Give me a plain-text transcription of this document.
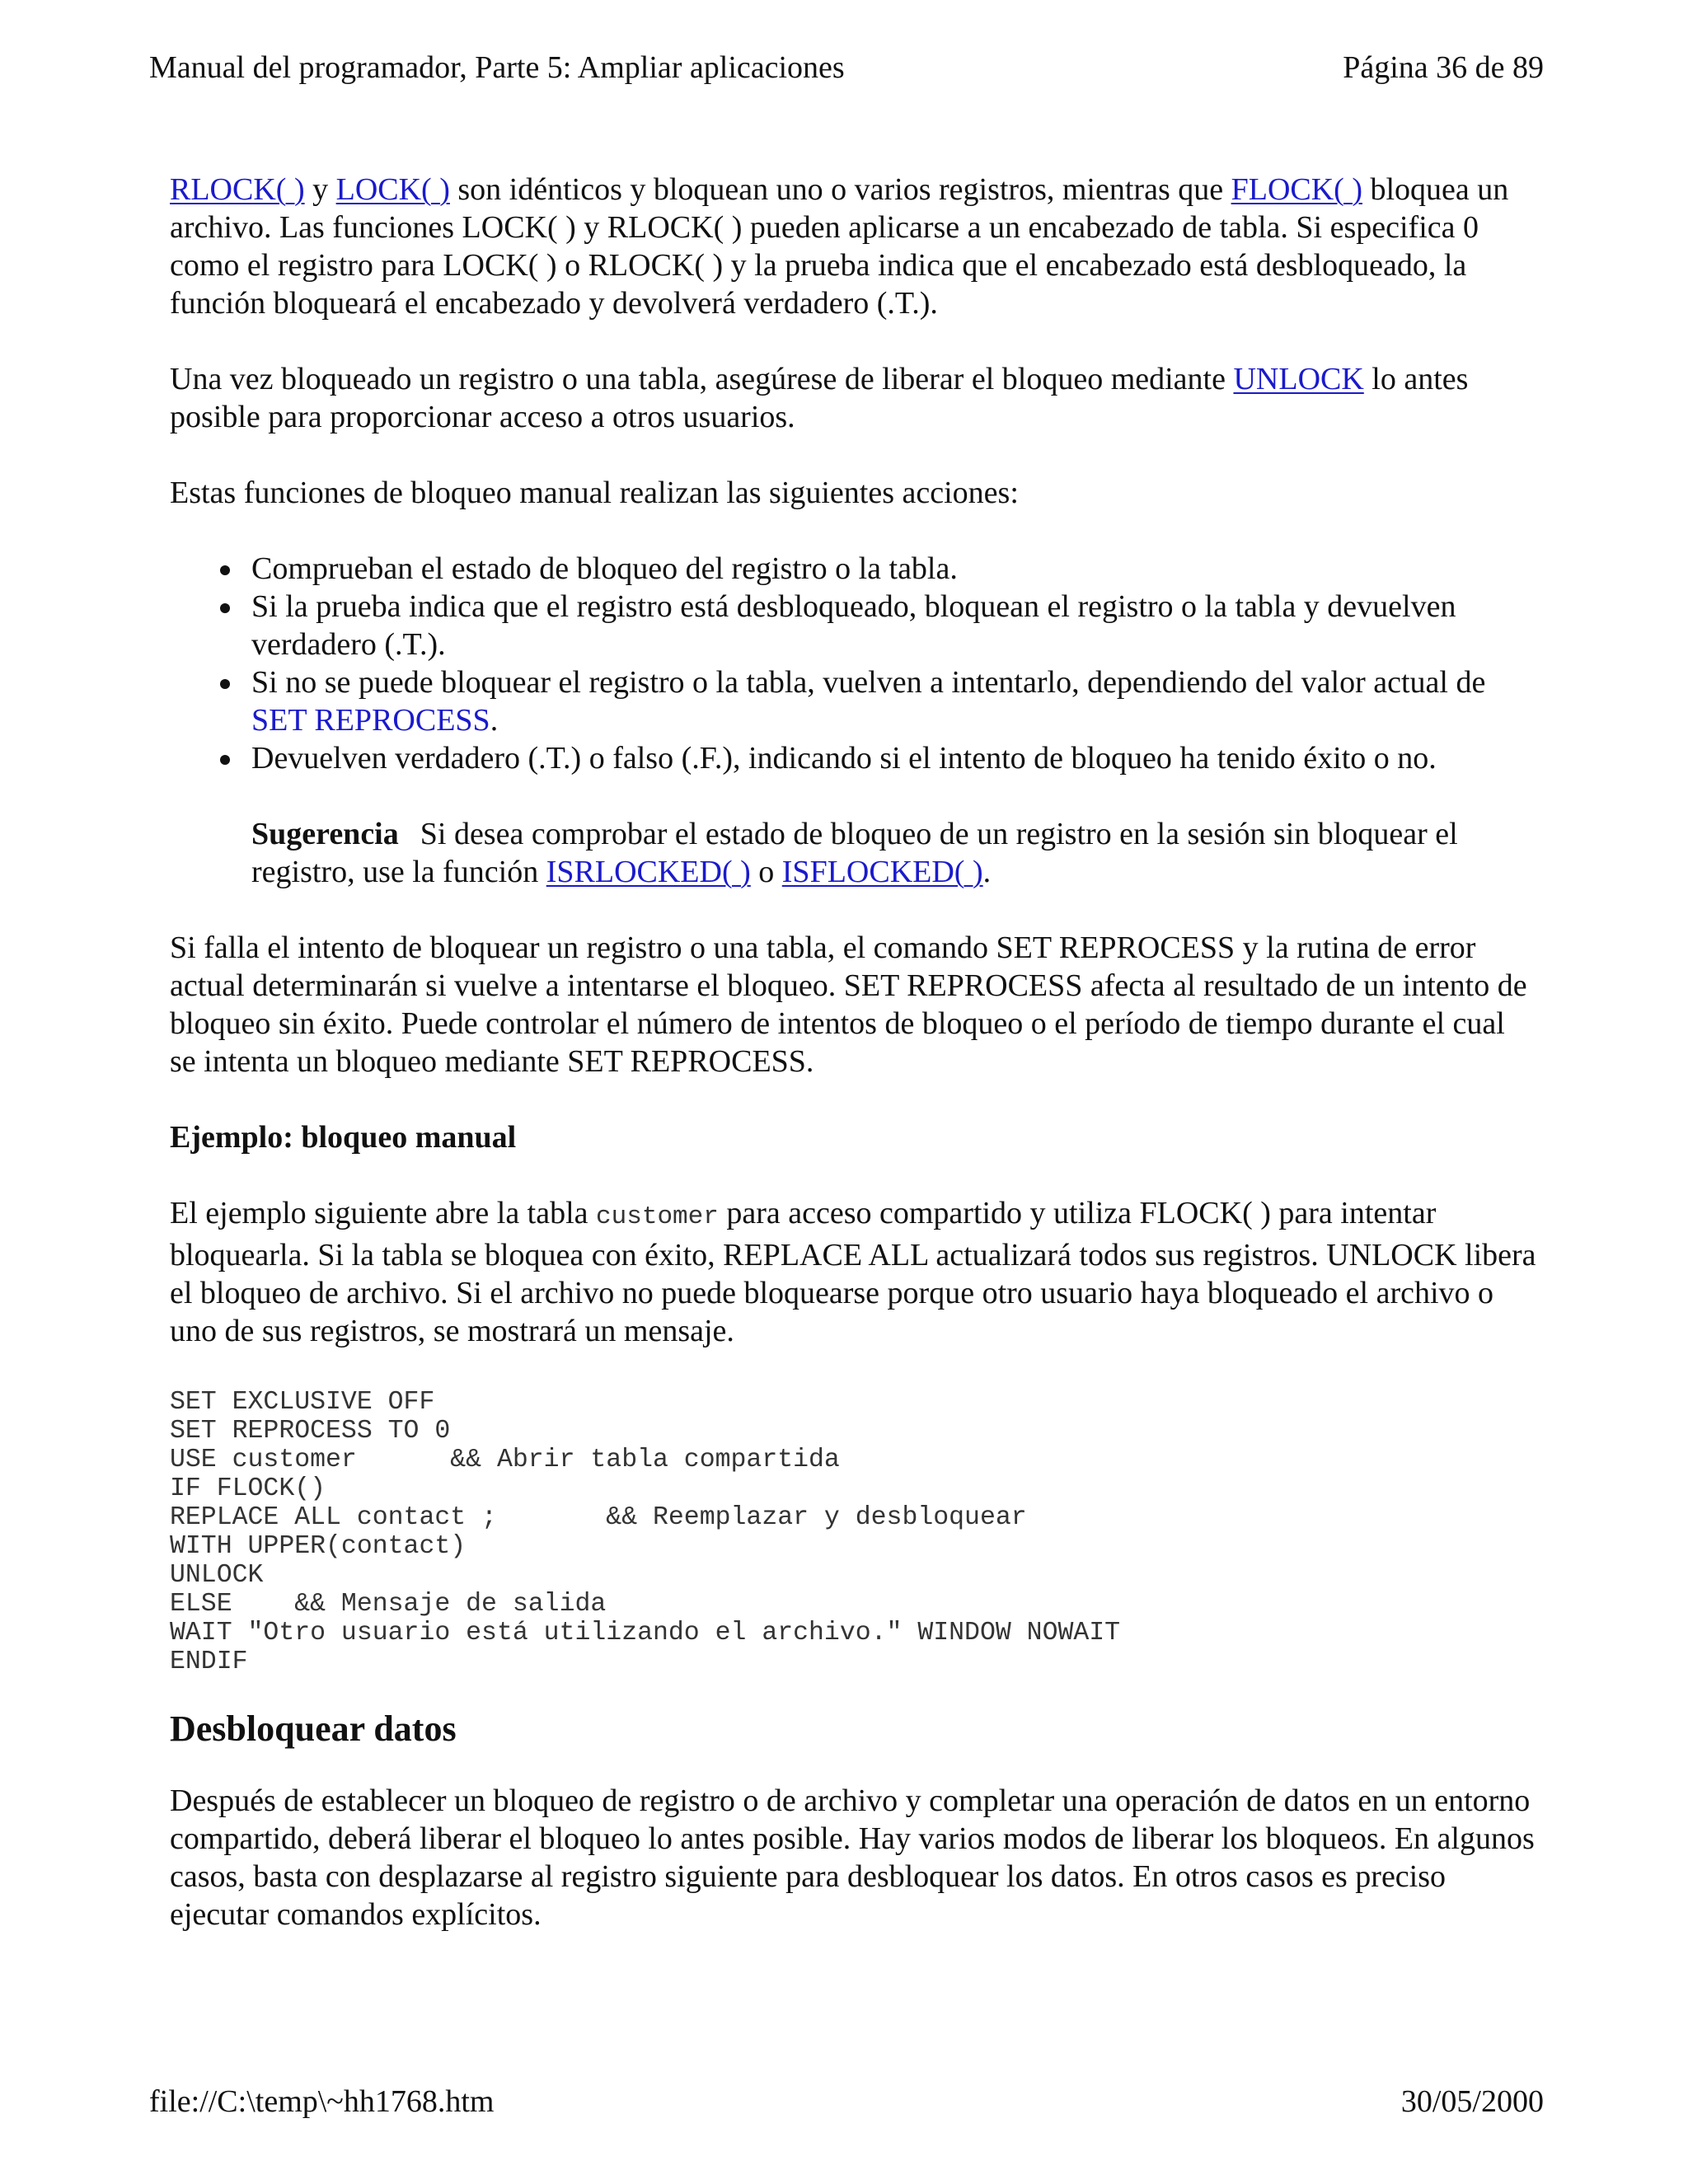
Manual del programador, Parte 5: Ampliar aplicaciones	Página 36 de 89

RLOCK( ) y LOCK( ) son idénticos y bloquean uno o varios registros, mientras que FLOCK( ) bloquea un archivo. Las funciones LOCK( ) y RLOCK( ) pueden aplicarse a un encabezado de tabla. Si especifica 0 como el registro para LOCK( ) o RLOCK( ) y la prueba indica que el encabezado está desbloqueado, la función bloqueará el encabezado y devolverá verdadero (.T.).

Una vez bloqueado un registro o una tabla, asegúrese de liberar el bloqueo mediante UNLOCK lo antes posible para proporcionar acceso a otros usuarios.

Estas funciones de bloqueo manual realizan las siguientes acciones:

Comprueban el estado de bloqueo del registro o la tabla.
Si la prueba indica que el registro está desbloqueado, bloquean el registro o la tabla y devuelven verdadero (.T.).
Si no se puede bloquear el registro o la tabla, vuelven a intentarlo, dependiendo del valor actual de SET REPROCESS.
Devuelven verdadero (.T.) o falso (.F.), indicando si el intento de bloqueo ha tenido éxito o no.
Sugerencia Si desea comprobar el estado de bloqueo de un registro en la sesión sin bloquear el registro, use la función ISRLOCKED( ) o ISFLOCKED( ).

Si falla el intento de bloquear un registro o una tabla, el comando SET REPROCESS y la rutina de error actual determinarán si vuelve a intentarse el bloqueo. SET REPROCESS afecta al resultado de un intento de bloqueo sin éxito. Puede controlar el número de intentos de bloqueo o el período de tiempo durante el cual se intenta un bloqueo mediante SET REPROCESS.

Ejemplo: bloqueo manual

El ejemplo siguiente abre la tabla customer para acceso compartido y utiliza FLOCK( ) para intentar bloquearla. Si la tabla se bloquea con éxito, REPLACE ALL actualizará todos sus registros. UNLOCK libera el bloqueo de archivo. Si el archivo no puede bloquearse porque otro usuario haya bloqueado el archivo o uno de sus registros, se mostrará un mensaje.

SET EXCLUSIVE OFF
SET REPROCESS TO 0
USE customer      && Abrir tabla compartida
IF FLOCK()
REPLACE ALL contact ;       && Reemplazar y desbloquear
WITH UPPER(contact)
UNLOCK
ELSE    && Mensaje de salida
WAIT "Otro usuario está utilizando el archivo." WINDOW NOWAIT
ENDIF
Desbloquear datos

Después de establecer un bloqueo de registro o de archivo y completar una operación de datos en un entorno compartido, deberá liberar el bloqueo lo antes posible. Hay varios modos de liberar los bloqueos. En algunos casos, basta con desplazarse al registro siguiente para desbloquear los datos. En otros casos es preciso ejecutar comandos explícitos.

file://C:\temp\~hh1768.htm	30/05/2000
